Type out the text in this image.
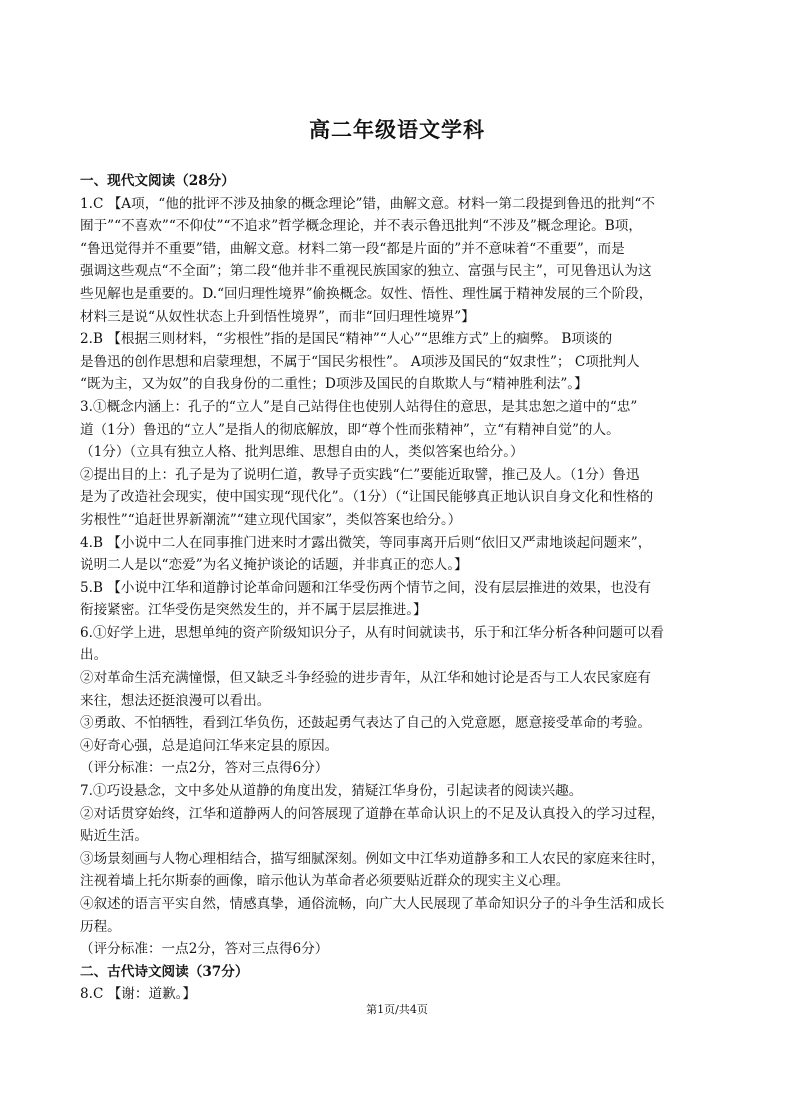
高二年级语文学科
一、现代文阅读（28分）
1.C 【A项，“他的批评不涉及抽象的概念理论”错，曲解文意。材料一第二段提到鲁迅的批判“不
囿于”“不喜欢”“不仰仗”“不追求”哲学概念理论，并不表示鲁迅批判“不涉及”概念理论。B项，
“鲁迅觉得并不重要”错，曲解文意。材料二第一段“都是片面的”并不意味着“不重要”，而是
强调这些观点“不全面”；第二段“他并非不重视民族国家的独立、富强与民主”，可见鲁迅认为这
些见解也是重要的。D.“回归理性境界”偷换概念。奴性、悟性、理性属于精神发展的三个阶段，
材料三是说“从奴性状态上升到悟性境界”，而非“回归理性境界”】
2.B 【根据三则材料，“劣根性”指的是国民“精神”“人心”“思维方式”上的痼弊。 B项谈的
是鲁迅的创作思想和启蒙理想，不属于“国民劣根性”。 A项涉及国民的“奴隶性”； C项批判人
“既为主，又为奴”的自我身份的二重性；D项涉及国民的自欺欺人与“精神胜利法”。】
3.①概念内涵上：孔子的“立人”是自己站得住也使别人站得住的意思，是其忠恕之道中的“忠”
道（1分）鲁迅的“立人”是指人的彻底解放，即“尊个性而张精神”，立“有精神自觉”的人。
（1分）（立具有独立人格、批判思维、思想自由的人，类似答案也给分。）
②提出目的上：孔子是为了说明仁道，教导子贡实践“仁”要能近取譬，推己及人。（1分）鲁迅
是为了改造社会现实，使中国实现“现代化”。（1分）（“让国民能够真正地认识自身文化和性格的
劣根性”“追赶世界新潮流”“建立现代国家”，类似答案也给分。）
4.B 【小说中二人在同事推门进来时才露出微笑，等同事离开后则“依旧又严肃地谈起问题来”，
说明二人是以“恋爱”为名义掩护谈论的话题，并非真正的恋人。】
5.B 【小说中江华和道静讨论革命问题和江华受伤两个情节之间，没有层层推进的效果，也没有
衔接紧密。江华受伤是突然发生的，并不属于层层推进。】
6.①好学上进，思想单纯的资产阶级知识分子，从有时间就读书，乐于和江华分析各种问题可以看
出。
②对革命生活充满憧憬，但又缺乏斗争经验的进步青年，从江华和她讨论是否与工人农民家庭有
来往，想法还挺浪漫可以看出。
③勇敢、不怕牺牲，看到江华负伤，还鼓起勇气表达了自己的入党意愿，愿意接受革命的考验。
④好奇心强，总是追问江华来定县的原因。
（评分标准：一点2分，答对三点得6分）
7.①巧设悬念，文中多处从道静的角度出发，猜疑江华身份，引起读者的阅读兴趣。
②对话贯穿始终，江华和道静两人的问答展现了道静在革命认识上的不足及认真投入的学习过程，
贴近生活。
③场景刻画与人物心理相结合，描写细腻深刻。例如文中江华劝道静多和工人农民的家庭来往时，
注视着墙上托尔斯泰的画像，暗示他认为革命者必须要贴近群众的现实主义心理。
④叙述的语言平实自然，情感真挚，通俗流畅，向广大人民展现了革命知识分子的斗争生活和成长
历程。
（评分标准：一点2分，答对三点得6分）
二、古代诗文阅读（37分）
8.C 【谢：道歉。】
第1页/共4页
